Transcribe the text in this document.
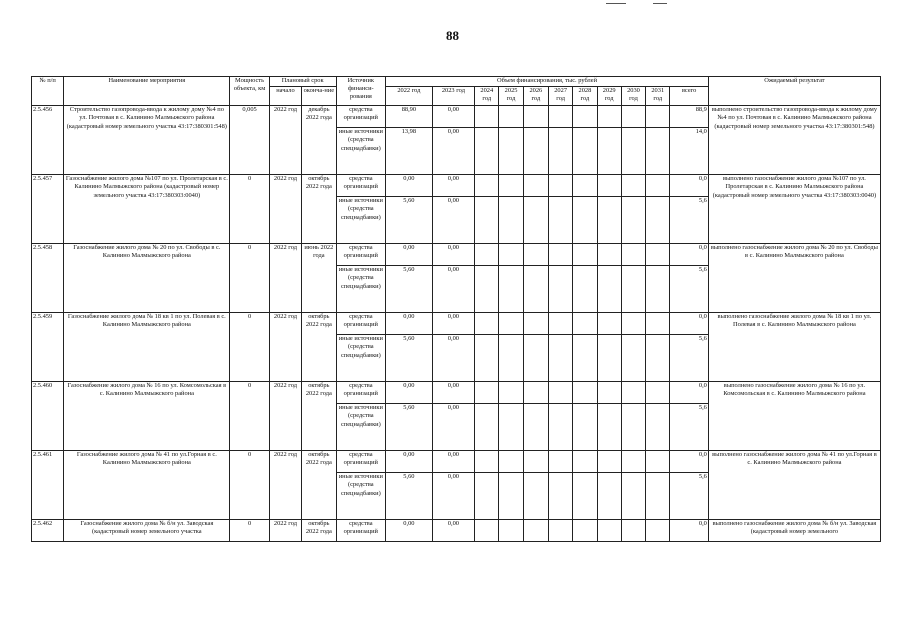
88
№ п/п	Наименование мероприятия	Мощность объекта, км	Плановый срок		Источник финанси-рования	Объем финансирования, тыс. рублей											Ожидаемый результат
			начало	оконча-ние		2022 год	2023 год	2024 год	2025 год	2026 год	2027 год	2028 год	2029 год	2030 год	2031 год	всего	

2.5.456	Строительство газопровода-ввода к жилому дому №4 по ул. Почтовая в с. Калинино Малмыжского района (кадастровый номер земельного участка 43:17:380301:548)	0,005	2022 год	декабрь 2022 года	средства организаций	88,90	0,00									88,9	выполнено строительство газопровода-ввода к жилому дому №4 по ул. Почтовая в с. Калинино Малмыжского района (кадастровый номер земельного участка 43:17:380301:548)
					иные источники (средства спецнадбавки)	13,98	0,00									14,0	
2.5.457	Газоснабжение жилого дома №107 по ул. Пролетарская в с. Калинино Малмыжского района (кадастровый номер земельного участка 43:17:380303:0040)	0	2022 год	октябрь 2022 года	средства организаций	0,00	0,00									0,0	выполнено газоснабжение жилого дома №107 по ул. Пролетарская в с. Калинино Малмыжского района (кадастровый номер земельного участка 43:17:380303:0040)
					иные источники (средства спецнадбавки)	5,60	0,00									5,6	
2.5.458	Газоснабжение жилого дома № 20 по ул. Свободы в с. Калинино Малмыжского района	0	2022 год	июнь 2022 года	средства организаций	0,00	0,00									0,0	выполнено газоснабжение жилого дома № 20 по ул. Свободы в с. Калинино Малмыжского района
					иные источники (средства спецнадбавки)	5,60	0,00									5,6	
2.5.459	Газоснабжение жилого дома № 18 кв 1 по ул. Полевая в с. Калинино Малмыжского района	0	2022 год	октябрь 2022 года	средства организаций	0,00	0,00									0,0	выполнено газоснабжение жилого дома № 18 кв 1 по ул. Полевая в с. Калинино Малмыжского района
					иные источники (средства спецнадбавки)	5,60	0,00									5,6	
2.5.460	Газоснабжение жилого дома № 16 по ул. Комсомольская в с. Калинино Малмыжского района	0	2022 год	октябрь 2022 года	средства организаций	0,00	0,00									0,0	выполнено газоснабжение жилого дома № 16 по ул. Комсомольская в с. Калинино Малмыжского района
					иные источники (средства спецнадбавки)	5,60	0,00									5,6	
2.5.461	Газоснабжение жилого дома № 41 по ул.Горная в с. Калинино Малмыжского района	0	2022 год	октябрь 2022 года	средства организаций	0,00	0,00									0,0	выполнено газоснабжение жилого дома № 41 по ул.Горная в с. Калинино Малмыжского района
					иные источники (средства спецнадбавки)	5,60	0,00									5,6	
2.5.462	Газоснабжение жилого дома № б/н ул. Заводская (кадастровый номер земельного участка	0	2022 год	октябрь 2022 года	средства организаций	0,00	0,00									0,0	выполнено газоснабжение жилого дома № б/н ул. Заводская (кадастровый номер земельного
